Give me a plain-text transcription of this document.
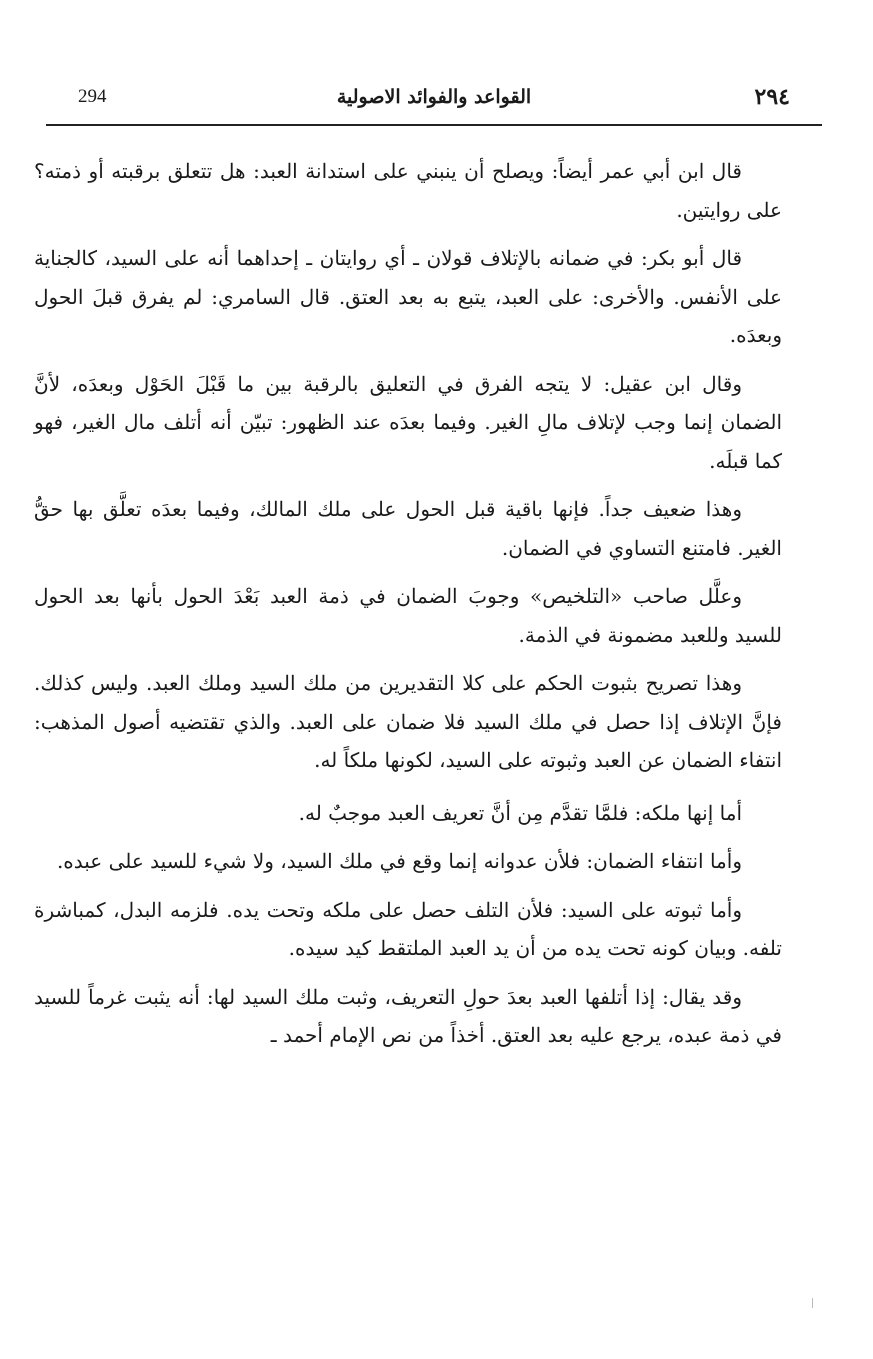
294	القواعد والفوائد الاصولية	٢٩٤

قال ابن أبي عمر أيضاً: ويصلح أن ينبني على استدانة العبد: هل تتعلق برقبته أو ذمته؟ على روايتين.

قال أبو بكر: في ضمانه بالإتلاف قولان ـ أي روايتان ـ إحداهما أنه على السيد، كالجناية على الأنفس. والأخرى: على العبد، يتبع به بعد العتق. قال السامري: لم يفرق قبلَ الحول وبعدَه.

وقال ابن عقيل: لا يتجه الفرق في التعليق بالرقبة بين ما قَبْلَ الحَوْل وبعدَه، لأنَّ الضمان إنما وجب لإتلاف مالِ الغير. وفيما بعدَه عند الظهور: تبيّن أنه أتلف مال الغير، فهو كما قبلَه.

وهذا ضعيف جداً. فإنها باقية قبل الحول على ملك المالك، وفيما بعدَه تعلَّق بها حقُّ الغير. فامتنع التساوي في الضمان.

وعلَّل صاحب «التلخيص» وجوبَ الضمان في ذمة العبد بَعْدَ الحول بأنها بعد الحول للسيد وللعبد مضمونة في الذمة.

وهذا تصريح بثبوت الحكم على كلا التقديرين من ملك السيد وملك العبد. وليس كذلك. فإنَّ الإتلاف إذا حصل في ملك السيد فلا ضمان على العبد. والذي تقتضيه أصول المذهب: انتفاء الضمان عن العبد وثبوته على السيد، لكونها ملكاً له.

أما إنها ملكه: فلمَّا تقدَّم مِن أنَّ تعريف العبد موجبٌ له.

وأما انتفاء الضمان: فلأن عدوانه إنما وقع في ملك السيد، ولا شيء للسيد على عبده.

وأما ثبوته على السيد: فلأن التلف حصل على ملكه وتحت يده. فلزمه البدل، كمباشرة تلفه. وبيان كونه تحت يده من أن يد العبد الملتقط كيد سيده.

وقد يقال: إذا أتلفها العبد بعدَ حولِ التعريف، وثبت ملك السيد لها: أنه يثبت غرماً للسيد في ذمة عبده، يرجع عليه بعد العتق. أخذاً من نص الإمام أحمد ـ
